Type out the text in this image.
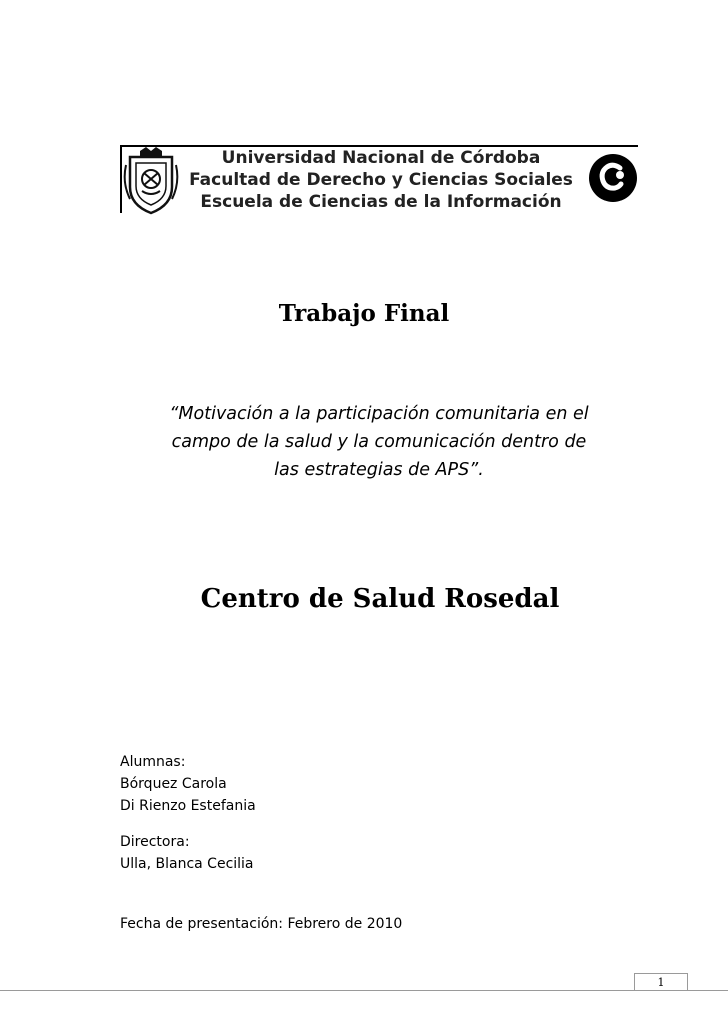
Universidad Nacional de Córdoba
Facultad de Derecho y Ciencias Sociales
Escuela de Ciencias de la Información
Trabajo Final
“Motivación a la participación comunitaria en el
campo de la salud y la comunicación dentro de
las estrategias de APS”.
Centro de Salud Rosedal
Alumnas:
Bórquez Carola
Di Rienzo Estefania
Directora:
Ulla, Blanca Cecilia
Fecha de presentación: Febrero de 2010
1
